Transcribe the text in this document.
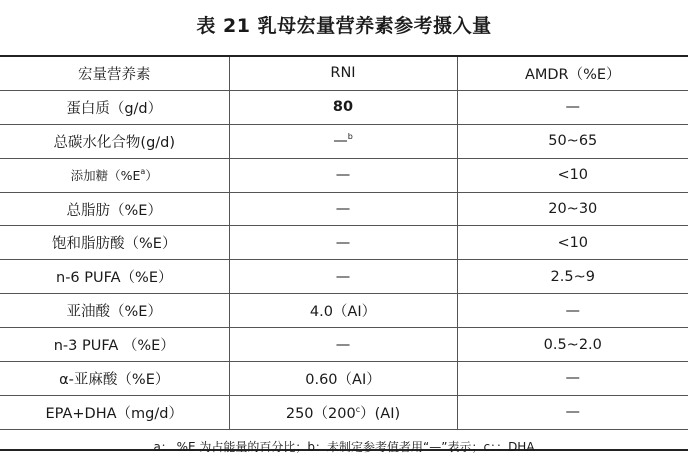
表 21 乳母宏量营养素参考摄入量
宏量营养素	RNI	AMDR（%E）
蛋白质（g/d）	80	—
总碳水化合物(g/d)	—$^b$	50~65
添加糖$(\%E^a)$	—	<10
总脂肪（%E）	—	20~30
饱和脂肪酸（%E）	—	<10
n-6 PUFA（%E）	—	2.5~9
亚油酸（%E）	4.0（AI）	—
n-3 PUFA （%E）	—	0.5~2.0
α-亚麻酸（%E）	0.60（AI）	—
EPA+DHA（mg/d）	250（200$^c$）(AI)	—
a： %E 为占能量的百分比；b：未制定参考值者用“—”表示；c：：DHA		
